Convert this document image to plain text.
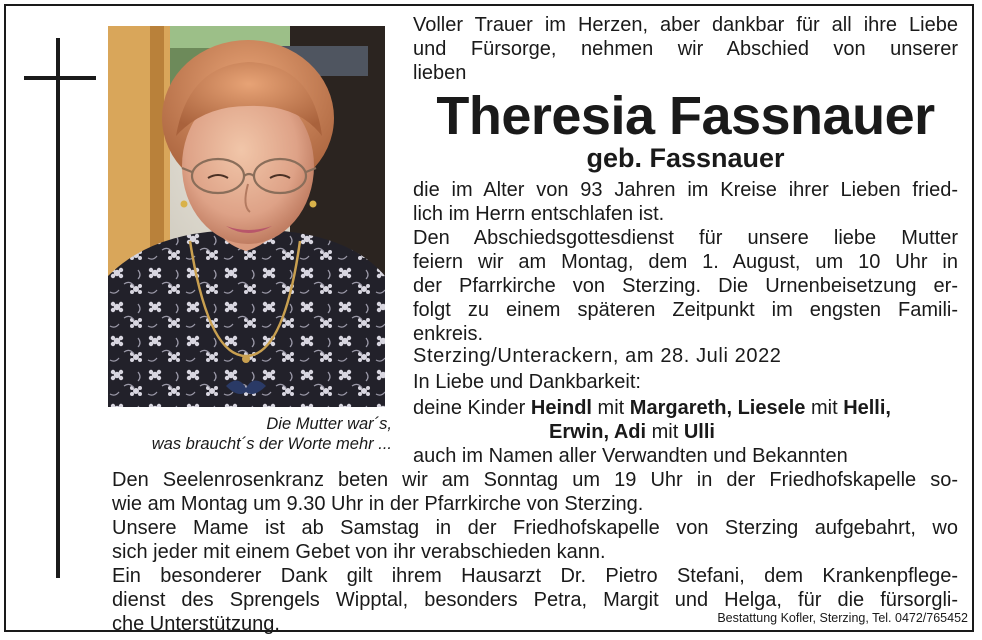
Die Mutter war´s,
was braucht´s der Worte mehr ...
Voller Trauer im Herzen, aber dankbar für all ihre Liebe
und Fürsorge, nehmen wir Abschied von unserer
lieben
Theresia Fassnauer
geb. Fassnauer
die im Alter von 93 Jahren im Kreise ihrer Lieben fried-
lich im Herrn entschlafen ist.
Den Abschiedsgottesdienst für unsere liebe Mutter
feiern wir am Montag, dem 1. August, um 10 Uhr in
der Pfarrkirche von Sterzing. Die Urnenbeisetzung er-
folgt zu einem späteren Zeitpunkt im engsten Famili-
enkreis.
Sterzing/Unterackern, am 28. Juli 2022
In Liebe und Dankbarkeit:
deine Kinder Heindl mit Margareth, Liesele mit Helli,
Erwin, Adi mit Ulli
auch im Namen aller Verwandten und Bekannten
Den Seelenrosenkranz beten wir am Sonntag um 19 Uhr in der Friedhofskapelle so-
wie am Montag um 9.30 Uhr in der Pfarrkirche von Sterzing.
Unsere Mame ist ab Samstag in der Friedhofskapelle von Sterzing aufgebahrt, wo
sich jeder mit einem Gebet von ihr verabschieden kann.
Ein besonderer Dank gilt ihrem Hausarzt Dr. Pietro Stefani, dem Krankenpflege-
dienst des Sprengels Wipptal, besonders Petra, Margit und Helga, für die fürsorgli-
che Unterstützung.	Bestattung Kofler, Sterzing, Tel. 0472/765452
